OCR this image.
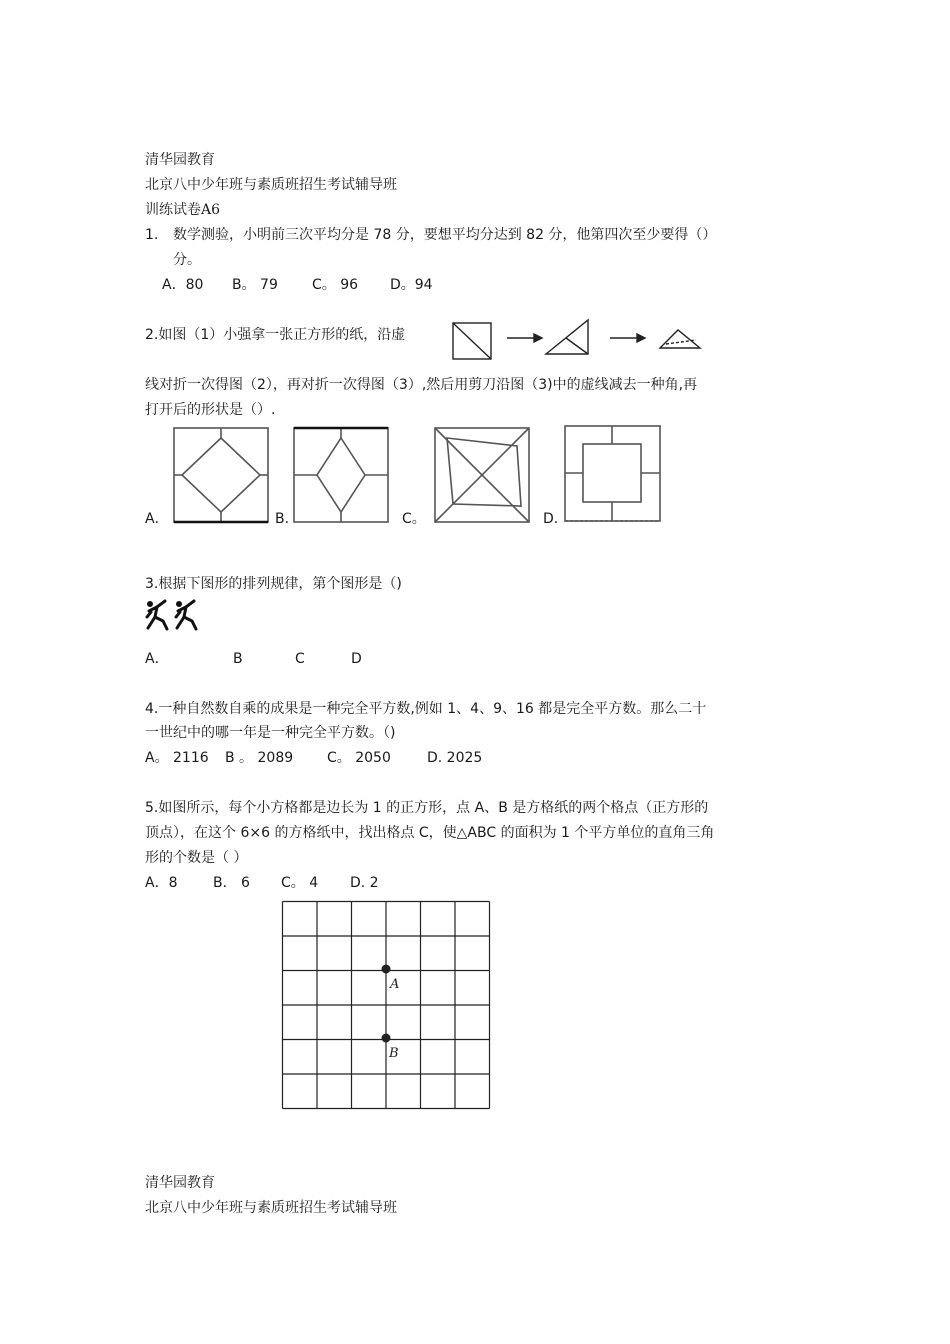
清华园教育
北京八中少年班与素质班招生考试辅导班
训练试卷A6
1. 数学测验，小明前三次平均分是 78 分，要想平均分达到 82 分，他第四次至少要得（）
分。
A．80 B。 79 C。 96 D。94
2.如图（1）小强拿一张正方形的纸，沿虚
线对折一次得图（2），再对折一次得图（3）,然后用剪刀沿图（3)中的虚线减去一种角,再
打开后的形状是（）.
A．	B.	C。	D.
3.根据下图形的排列规律，第个图形是（)
A．	B	C	D
4.一种自然数自乘的成果是一种完全平方数,例如 1、4、9、16 都是完全平方数。那么二十
一世纪中的哪一年是一种完全平方数。（)
A。 2116 B 。 2089 C。 2050	D. 2025
5.如图所示，每个小方格都是边长为 1 的正方形，点 A、B 是方格纸的两个格点（正方形的
顶点），在这个 6×6 的方格纸中，找出格点 C，使△ABC 的面积为 1 个平方单位的直角三角
形的个数是（ ）
A．8	B． 6 C。 4 D. 2
A
B
清华园教育
北京八中少年班与素质班招生考试辅导班
